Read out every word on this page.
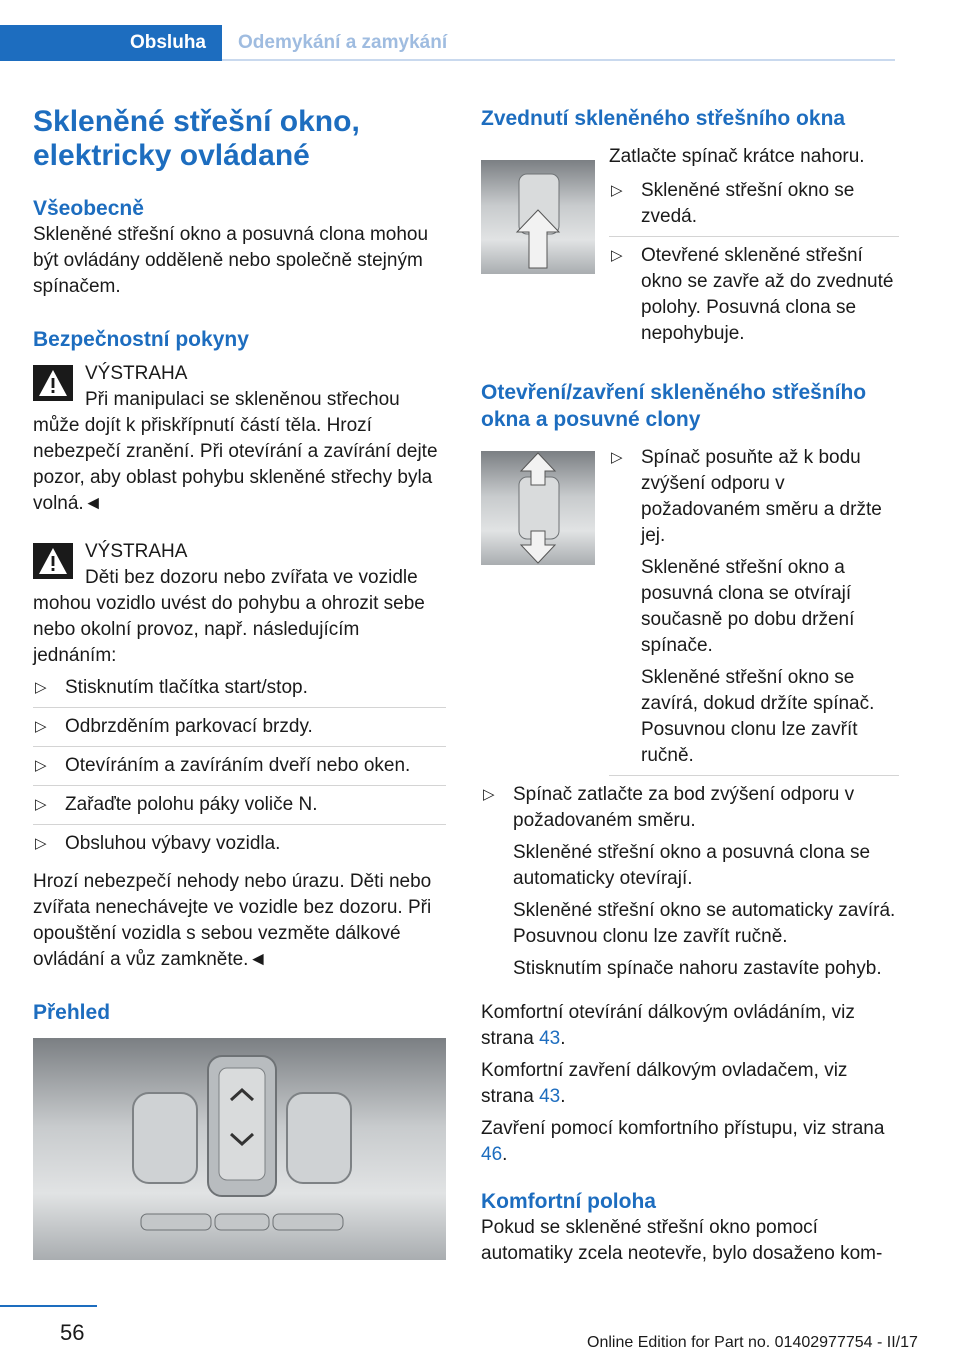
Obsluha	Odemykání a zamykání
Skleněné střešní okno, elektricky ovládané
Všeobecně

Skleněné střešní okno a posuvná clona mohou být ovládány odděleně nebo společně stejným spínačem.

Bezpečnostní pokyny

VÝSTRAHA

Při manipulaci se skleněnou střechou může dojít k přiskřípnutí částí těla. Hrozí nebezpečí zranění. Při otevírání a zavírání dejte pozor, aby oblast pohybu skleněné střechy byla volná.◄

VÝSTRAHA

Děti bez dozoru nebo zvířata ve vozidle mohou vozidlo uvést do pohybu a ohrozit sebe nebo okolní provoz, např. následujícím jednáním:

▷ Stisknutím tlačítka start/stop.
▷ Odbrzděním parkovací brzdy.
▷ Otevíráním a zavíráním dveří nebo oken.
▷ Zařaďte polohu páky voliče N.
▷ Obsluhou výbavy vozidla.

Hrozí nebezpečí nehody nebo úrazu. Děti nebo zvířata nenechávejte ve vozidle bez dozoru. Při opouštění vozidla s sebou vezměte dálkové ovládání a vůz zamkněte.◄

Přehled
Zvednutí skleněného střešního okna

Zatlačte spínač krátce nahoru.

▷ Skleněné střešní okno se zvedá.
▷ Otevřené skleněné střešní okno se zavře až do zvednuté polohy. Posuvná clona se nepohybuje.
Otevření/zavření skleněného střešního okna a posuvné clony
▷ Spínač posuňte až k bodu zvýšení odporu v požadovaném směru a držte jej.

Skleněné střešní okno a posuvná clona se otvírají současně po dobu držení spínače.

Skleněné střešní okno se zavírá, dokud držíte spínač. Posuvnou clonu lze zavřít ručně.

▷ Spínač zatlačte za bod zvýšení odporu v požadovaném směru.

Skleněné střešní okno a posuvná clona se automaticky otevírají.

Skleněné střešní okno se automaticky zavírá. Posuvnou clonu lze zavřít ručně.

Stisknutím spínače nahoru zastavíte pohyb.

Komfortní otevírání dálkovým ovládáním, viz strana 43.

Komfortní zavření dálkovým ovladačem, viz strana 43.

Zavření pomocí komfortního přístupu, viz strana 46.

Komfortní poloha

Pokud se skleněné střešní okno pomocí automatiky zcela neotevře, bylo dosaženo kom-

56	Online Edition for Part no. 01402977754 - II/17
